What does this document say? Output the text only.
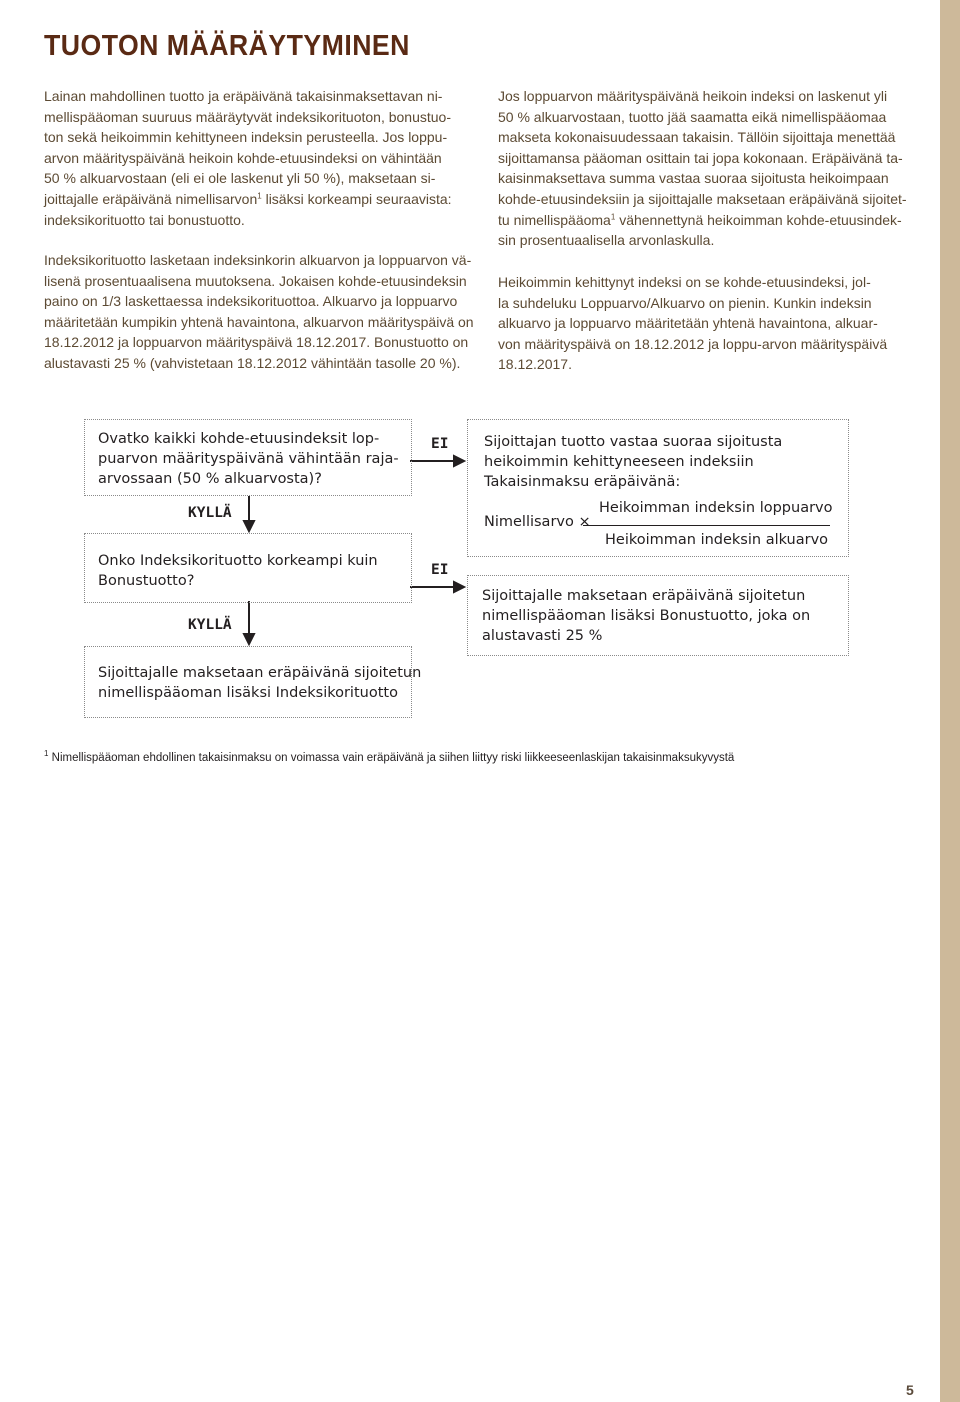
TUOTON MÄÄRÄYTYMINEN

Lainan mahdollinen tuotto ja eräpäivänä takaisinmaksettavan ni-
mellispääoman suuruus määräytyvät indeksikorituoton, bonustuo-
ton sekä heikoimmin kehittyneen indeksin perusteella. Jos loppu-
arvon määrityspäivänä heikoin kohde-etuusindeksi on vähintään
50 % alkuarvostaan (eli ei ole laskenut yli 50 %), maksetaan si-
joittajalle eräpäivänä nimellisarvon$^1$ lisäksi korkeampi seuraavista:
indeksikorituotto tai bonustuotto.

Indeksikorituotto lasketaan indeksinkorin alkuarvon ja loppuarvon vä-
lisenä prosentuaalisena muutoksena. Jokaisen kohde-etuusindeksin
paino on 1/3 laskettaessa indeksikorituottoa. Alkuarvo ja loppuarvo
määritetään kumpikin yhtenä havaintona, alkuarvon määrityspäivä on
18.12.2012 ja loppuarvon määrityspäivä 18.12.2017. Bonustuotto on
alustavasti 25 % (vahvistetaan 18.12.2012 vähintään tasolle 20 %).

Jos loppuarvon määrityspäivänä heikoin indeksi on laskenut yli
50 % alkuarvostaan, tuotto jää saamatta eikä nimellispääomaa
makseta kokonaisuudessaan takaisin. Tällöin sijoittaja menettää
sijoittamansa pääoman osittain tai jopa kokonaan. Eräpäivänä ta-
kaisinmaksettava summa vastaa suoraa sijoitusta heikoimpaan
kohde-etuusindeksiin ja sijoittajalle maksetaan eräpäivänä sijoitet-
tu nimellispääoma$^1$ vähennettynä heikoimman kohde-etuusindek-
sin prosentuaalisella arvonlaskulla.

Heikoimmin kehittynyt indeksi on se kohde-etuusindeksi, jol-
la suhdeluku Loppuarvo/Alkuarvo on pienin. Kunkin indeksin
alkuarvo ja loppuarvo määritetään yhtenä havaintona, alkuar-
von määrityspäivä on 18.12.2012 ja loppu-arvon määrityspäivä
18.12.2017.

Ovatko kaikki kohde-etuusindeksit lop-
puarvon määrityspäivänä vähintään raja-
arvossaan (50 % alkuarvosta)?
Onko Indeksikorituotto korkeampi kuin
Bonustuotto?
Sijoittajalle maksetaan eräpäivänä sijoitetun
nimellispääoman lisäksi Indeksikorituotto
Sijoittajan tuotto vastaa suoraa sijoitusta
heikoimmin kehittyneeseen indeksiin
Takaisinmaksu eräpäivänä:
Nimellisarvo ×
Heikoimman indeksin loppuarvo
Heikoimman indeksin alkuarvo
Sijoittajalle maksetaan eräpäivänä sijoitetun
nimellispääoman lisäksi Bonustuotto, joka on
alustavasti 25 %
EI
EI
KYLLÄ
KYLLÄ
$^1$ Nimellispääoman ehdollinen takaisinmaksu on voimassa vain eräpäivänä ja siihen liittyy riski liikkeeseenlaskijan takaisinmaksukyvystä
5
